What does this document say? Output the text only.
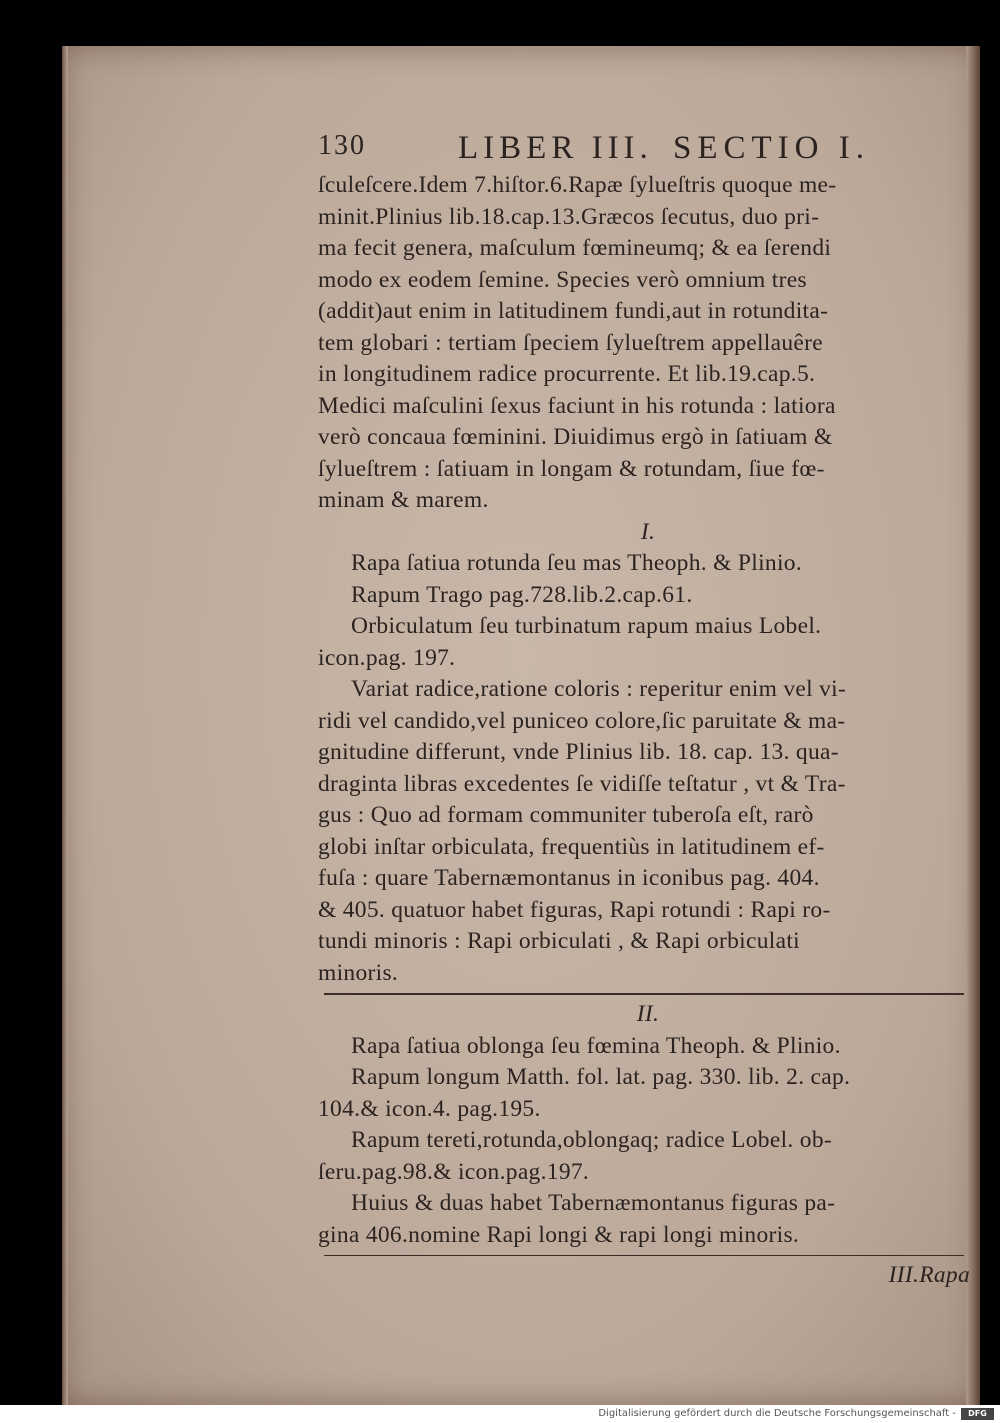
130	LIBER III. SECTIO I.
ſculeſcere.Idem 7.hiſtor.6.Rapæ ſylueſtris quoque me-
minit.Plinius lib.18.cap.13.Græcos ſecutus, duo pri-
ma fecit genera, maſculum fœmineumq; & ea ſerendi
modo ex eodem ſemine. Species verò omnium tres
(addit)aut enim in latitudinem fundi,aut in rotundita-
tem globari : tertiam ſpeciem ſylueſtrem appellauêre
in longitudinem radice procurrente. Et lib.19.cap.5.
Medici maſculini ſexus faciunt in his rotunda : latiora
verò concaua fœminini. Diuidimus ergò in ſatiuam &
ſylueſtrem : ſatiuam in longam & rotundam, ſiue fœ-
minam & marem.
I.
Rapa ſatiua rotunda ſeu mas Theoph. & Plinio.
Rapum Trago pag.728.lib.2.cap.61.
Orbiculatum ſeu turbinatum rapum maius Lobel.
icon.pag. 197.
Variat radice,ratione coloris : reperitur enim vel vi-
ridi vel candido,vel puniceo colore,ſic paruitate & ma-
gnitudine differunt, vnde Plinius lib. 18. cap. 13. qua-
draginta libras excedentes ſe vidiſſe teſtatur , vt & Tra-
gus : Quo ad formam communiter tuberoſa eſt, rarò
globi inſtar orbiculata, frequentiùs in latitudinem ef-
fuſa : quare Tabernæmontanus in iconibus pag. 404.
& 405. quatuor habet figuras, Rapi rotundi : Rapi ro-
tundi minoris : Rapi orbiculati , & Rapi orbiculati
minoris.
II.
Rapa ſatiua oblonga ſeu fœmina Theoph. & Plinio.
Rapum longum Matth. fol. lat. pag. 330. lib. 2. cap.
104.& icon.4. pag.195.
Rapum tereti,rotunda,oblongaq; radice Lobel. ob-
ſeru.pag.98.& icon.pag.197.
Huius & duas habet Tabernæmontanus figuras pa-
gina 406.nomine Rapi longi & rapi longi minoris.
III.Rapa
Digitalisierung gefördert durch die Deutsche Forschungsgemeinschaft -	DFG
